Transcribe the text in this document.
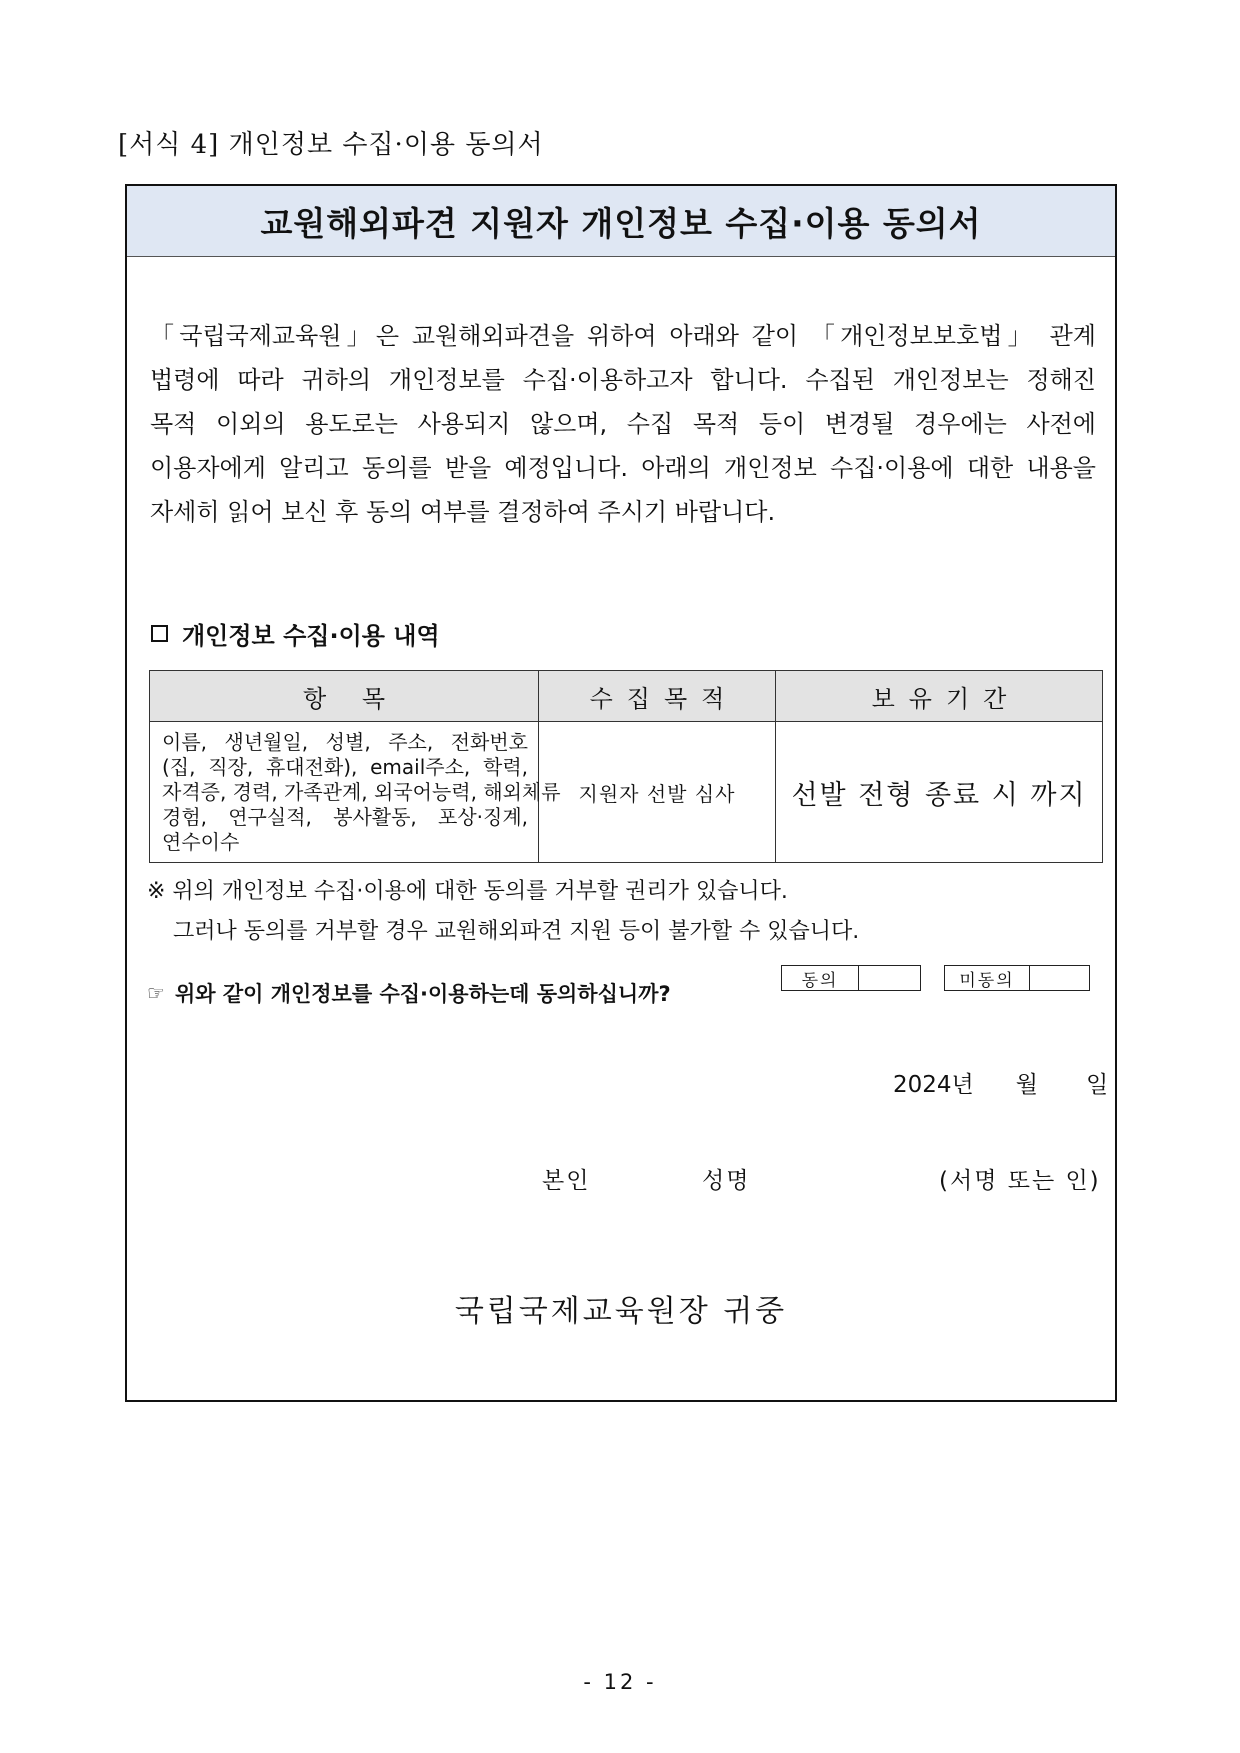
[서식 4] 개인정보 수집·이용 동의서
교원해외파견 지원자 개인정보 수집·이용 동의서
「국립국제교육원」은 교원해외파견을 위하여 아래와 같이 「개인정보보호법」 관계
법령에 따라 귀하의 개인정보를 수집·이용하고자 합니다. 수집된 개인정보는 정해진
목적 이외의 용도로는 사용되지 않으며, 수집 목적 등이 변경될 경우에는 사전에
이용자에게 알리고 동의를 받을 예정입니다. 아래의 개인정보 수집·이용에 대한 내용을
자세히 읽어 보신 후 동의 여부를 결정하여 주시기 바랍니다.
개인정보 수집·이용 내역
항 목	수집목적	보유기간

이름, 생년월일, 성별, 주소, 전화번호
(집, 직장, 휴대전화), email주소, 학력,
자격증, 경력, 가족관계, 외국어능력, 해외체류
경험, 연구실적, 봉사활동, 포상·징계,
연수이수	지원자 선발 심사	선발 전형 종료 시 까지
※ 위의 개인정보 수집·이용에 대한 동의를 거부할 권리가 있습니다.
그러나 동의를 거부할 경우 교원해외파견 지원 등이 불가할 수 있습니다.
☞ 위와 같이 개인정보를 수집·이용하는데 동의하십니까?
동의	미동의
2024년 월 일
본인	성명	(서명 또는 인)
국립국제교육원장 귀중
- 12 -
